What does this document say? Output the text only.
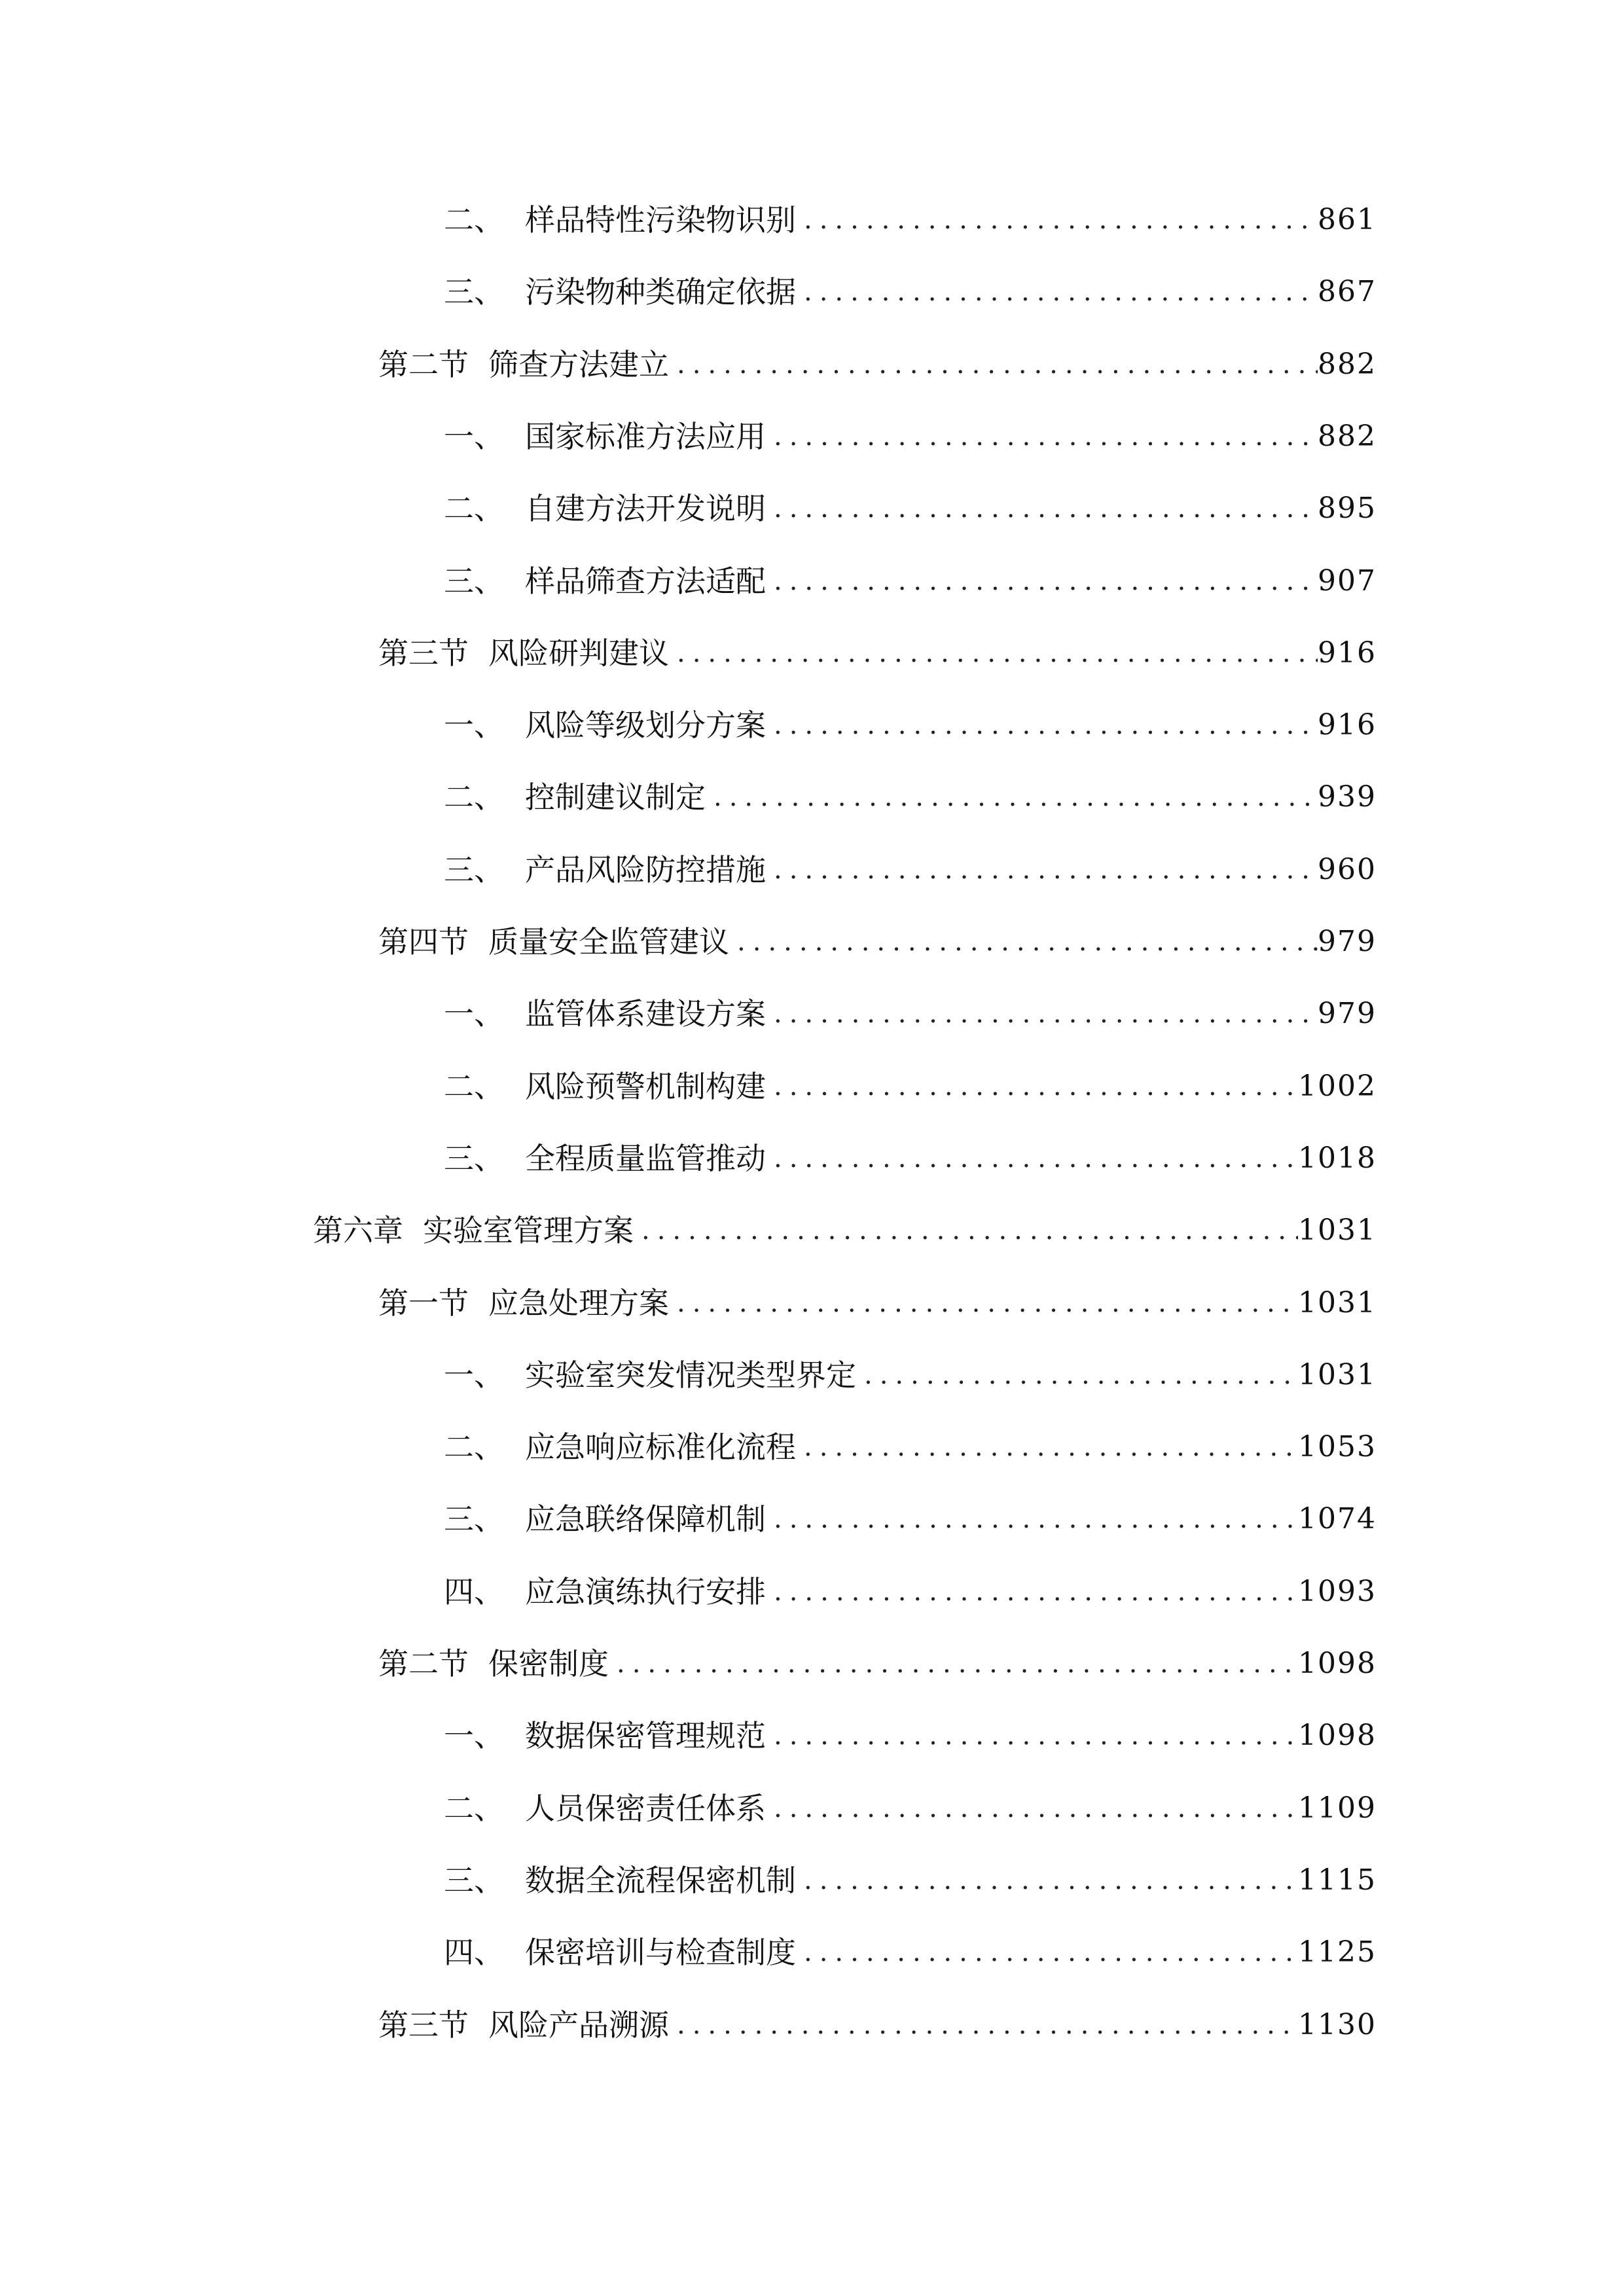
二、 样品特性污染物识别 .....	861
三、 污染物种类确定依据 .....	867
第二节 筛查方法建立 .....	882
一、 国家标准方法应用 .....	882
二、 自建方法开发说明 .....	895
三、 样品筛查方法适配 .....	907
第三节 风险研判建议 .....	916
一、 风险等级划分方案 .....	916
二、 控制建议制定 .....	939
三、 产品风险防控措施 .....	960
第四节 质量安全监管建议 .....	979
一、 监管体系建设方案 .....	979
二、 风险预警机制构建 .....	1002
三、 全程质量监管推动 .....	1018
第六章 实验室管理方案 .....	1031
第一节 应急处理方案 .....	1031
一、 实验室突发情况类型界定 .....	1031
二、 应急响应标准化流程 .....	1053
三、 应急联络保障机制 .....	1074
四、 应急演练执行安排 .....	1093
第二节 保密制度 .....	1098
一、 数据保密管理规范 .....	1098
二、 人员保密责任体系 .....	1109
三、 数据全流程保密机制 .....	1115
四、 保密培训与检查制度 .....	1125
第三节 风险产品溯源 .....	1130
